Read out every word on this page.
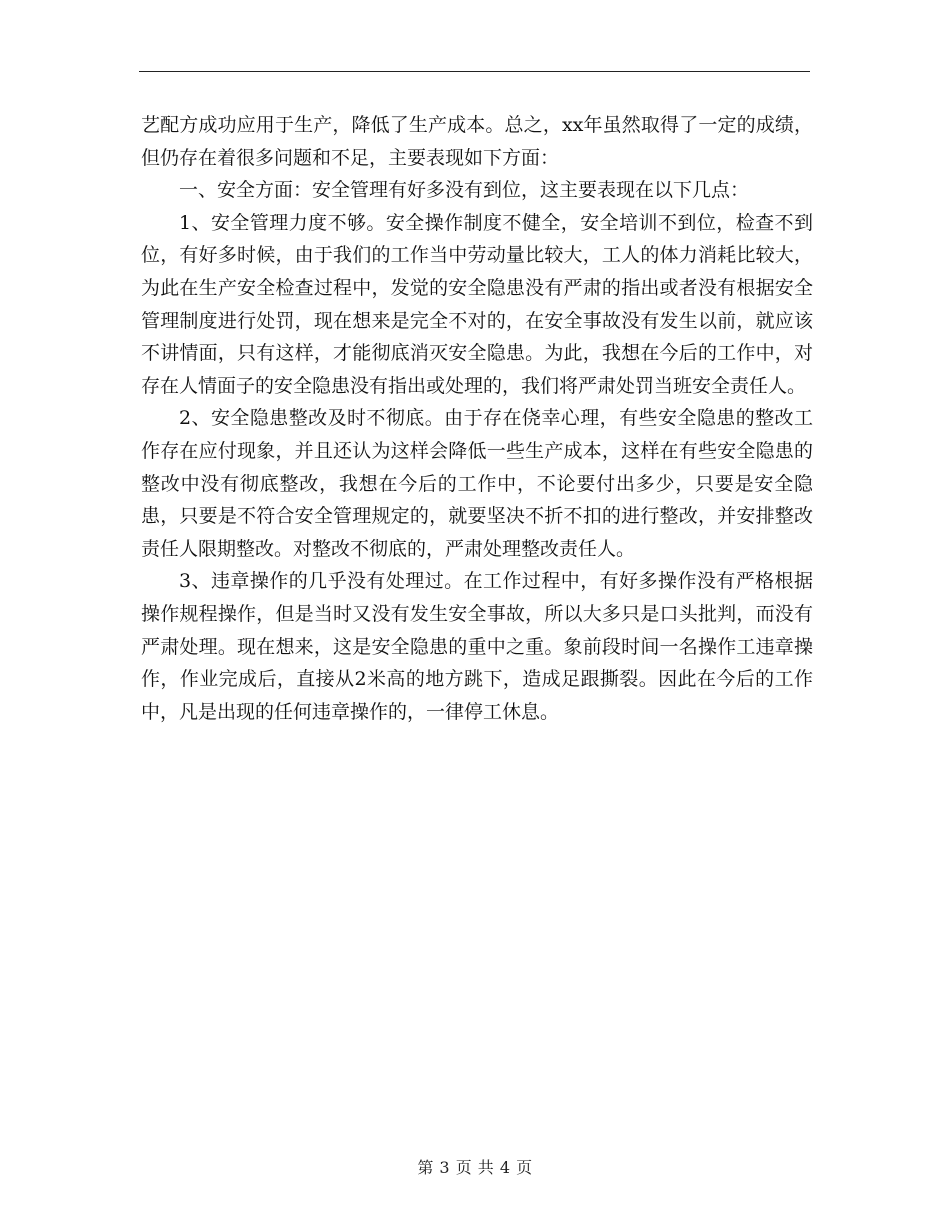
艺配方成功应用于生产，降低了生产成本。总之，xx年虽然取得了一定的成绩，但仍存在着很多问题和不足，主要表现如下方面：

一、安全方面：安全管理有好多没有到位，这主要表现在以下几点：

1、安全管理力度不够。安全操作制度不健全，安全培训不到位，检查不到位，有好多时候，由于我们的工作当中劳动量比较大，工人的体力消耗比较大，为此在生产安全检查过程中，发觉的安全隐患没有严肃的指出或者没有根据安全管理制度进行处罚，现在想来是完全不对的，在安全事故没有发生以前，就应该不讲情面，只有这样，才能彻底消灭安全隐患。为此，我想在今后的工作中，对存在人情面子的安全隐患没有指出或处理的，我们将严肃处罚当班安全责任人。

2、安全隐患整改及时不彻底。由于存在侥幸心理，有些安全隐患的整改工作存在应付现象，并且还认为这样会降低一些生产成本，这样在有些安全隐患的整改中没有彻底整改，我想在今后的工作中，不论要付出多少，只要是安全隐患，只要是不符合安全管理规定的，就要坚决不折不扣的进行整改，并安排整改责任人限期整改。对整改不彻底的，严肃处理整改责任人。

3、违章操作的几乎没有处理过。在工作过程中，有好多操作没有严格根据操作规程操作，但是当时又没有发生安全事故，所以大多只是口头批判，而没有严肃处理。现在想来，这是安全隐患的重中之重。象前段时间一名操作工违章操作，作业完成后，直接从2米高的地方跳下，造成足跟撕裂。因此在今后的工作中，凡是出现的任何违章操作的，一律停工休息。

第 3 页 共 4 页
